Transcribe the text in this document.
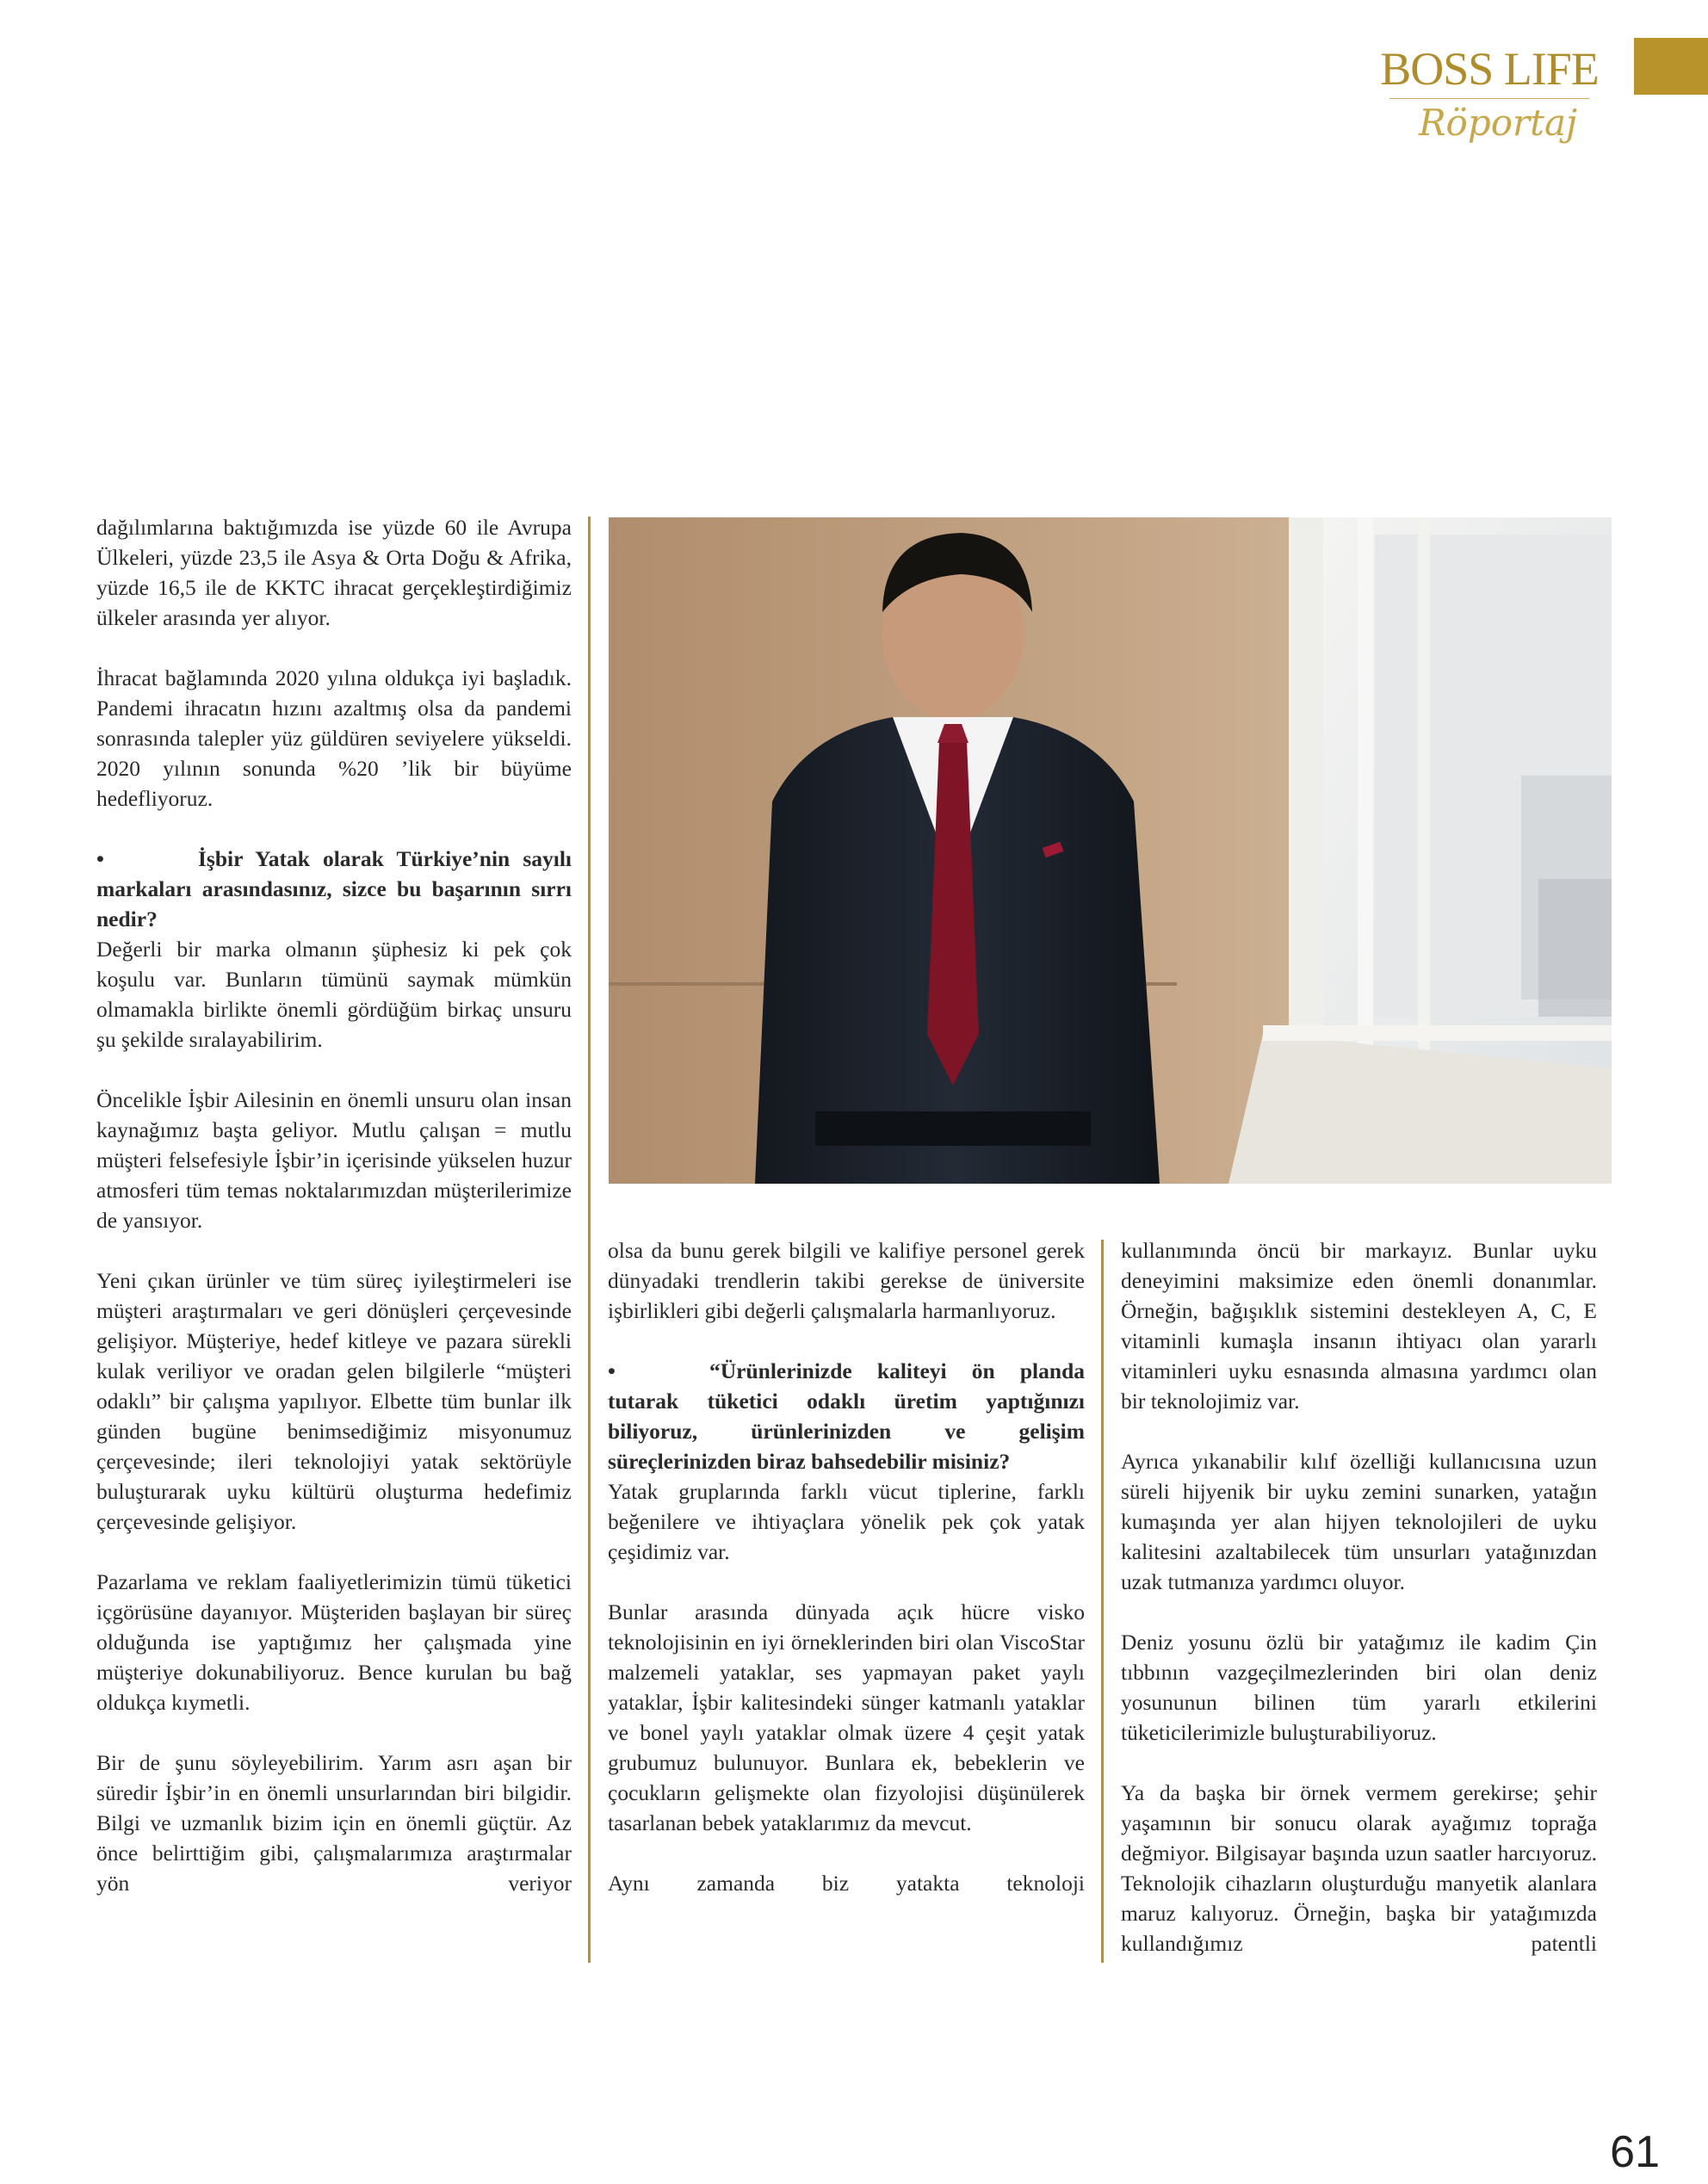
BOSS LIFE
Röportaj

dağılımlarına baktığımızda ise yüzde 60 ile Avrupa Ülkeleri, yüzde 23,5 ile Asya & Orta Doğu & Afrika, yüzde 16,5 ile de KKTC ihracat gerçekleştirdiğimiz ülkeler arasında yer alıyor.

İhracat bağlamında 2020 yılına oldukça iyi başladık. Pandemi ihracatın hızını azaltmış olsa da pandemi sonrasında talepler yüz güldüren seviyelere yükseldi. 2020 yılının sonunda %20 ’lik bir büyüme hedefliyoruz.

•	İşbir Yatak olarak Türkiye’nin sayılı markaları arasındasınız, sizce bu başarının sırrı nedir?
Değerli bir marka olmanın şüphesiz ki pek çok koşulu var. Bunların tümünü saymak mümkün olmamakla birlikte önemli gördüğüm birkaç unsuru şu şekilde sıralayabilirim.

Öncelikle İşbir Ailesinin en önemli unsuru olan insan kaynağımız başta geliyor. Mutlu çalışan = mutlu müşteri felsefesiyle İşbir’in içerisinde yükselen huzur atmosferi tüm temas noktalarımızdan müşterilerimize de yansıyor.

Yeni çıkan ürünler ve tüm süreç iyileştirmeleri ise müşteri araştırmaları ve geri dönüşleri çerçevesinde gelişiyor. Müşteriye, hedef kitleye ve pazara sürekli kulak veriliyor ve oradan gelen bilgilerle “müşteri odaklı” bir çalışma yapılıyor. Elbette tüm bunlar ilk günden bugüne benimsediğimiz misyonumuz çerçevesinde; ileri teknolojiyi yatak sektörüyle buluşturarak uyku kültürü oluşturma hedefimiz çerçevesinde gelişiyor.

Pazarlama ve reklam faaliyetlerimizin tümü tüketici içgörüsüne dayanıyor. Müşteriden başlayan bir süreç olduğunda ise yaptığımız her çalışmada yine müşteriye dokunabiliyoruz. Bence kurulan bu bağ oldukça kıymetli.

Bir de şunu söyleyebilirim. Yarım asrı aşan bir süredir İşbir’in en önemli unsurlarından biri bilgidir. Bilgi ve uzmanlık bizim için en önemli güçtür. Az önce belirttiğim gibi, çalışmalarımıza araştırmalar yön veriyor

olsa da bunu gerek bilgili ve kalifiye personel gerek dünyadaki trendlerin takibi gerekse de üniversite işbirlikleri gibi değerli çalışmalarla harmanlıyoruz.

•	“Ürünlerinizde kaliteyi ön planda tutarak tüketici odaklı üretim yaptığınızı biliyoruz, ürünlerinizden ve gelişim süreçlerinizden biraz bahsedebilir misiniz?
Yatak gruplarında farklı vücut tiplerine, farklı beğenilere ve ihtiyaçlara yönelik pek çok yatak çeşidimiz var.

Bunlar arasında dünyada açık hücre visko teknolojisinin en iyi örneklerinden biri olan ViscoStar malzemeli yataklar, ses yapmayan paket yaylı yataklar, İşbir kalitesindeki sünger katmanlı yataklar ve bonel yaylı yataklar olmak üzere 4 çeşit yatak grubumuz bulunuyor. Bunlara ek, bebeklerin ve çocukların gelişmekte olan fizyolojisi düşünülerek tasarlanan bebek yataklarımız da mevcut.

Aynı zamanda biz yatakta teknoloji

kullanımında öncü bir markayız. Bunlar uyku deneyimini maksimize eden önemli donanımlar. Örneğin, bağışıklık sistemini destekleyen A, C, E vitaminli kumaşla insanın ihtiyacı olan yararlı vitaminleri uyku esnasında almasına yardımcı olan bir teknolojimiz var.

Ayrıca yıkanabilir kılıf özelliği kullanıcısına uzun süreli hijyenik bir uyku zemini sunarken, yatağın kumaşında yer alan hijyen teknolojileri de uyku kalitesini azaltabilecek tüm unsurları yatağınızdan uzak tutmanıza yardımcı oluyor.

Deniz yosunu özlü bir yatağımız ile kadim Çin tıbbının vazgeçilmezlerinden biri olan deniz yosununun bilinen tüm yararlı etkilerini tüketicilerimizle buluşturabiliyoruz.

Ya da başka bir örnek vermem gerekirse; şehir yaşamının bir sonucu olarak ayağımız toprağa değmiyor. Bilgisayar başında uzun saatler harcıyoruz. Teknolojik cihazların oluşturduğu manyetik alanlara maruz kalıyoruz. Örneğin, başka bir yatağımızda kullandığımız patentli

61
